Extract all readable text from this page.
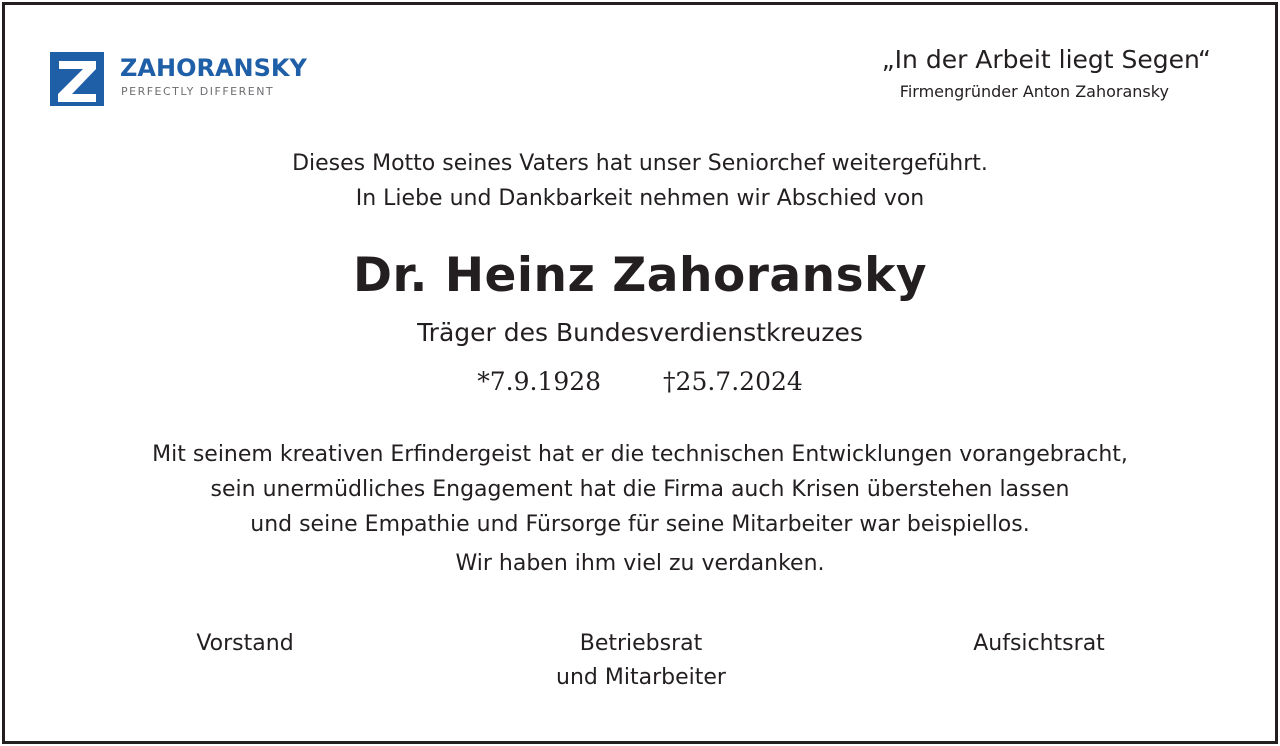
ZAHORANSKY
PERFECTLY DIFFERENT
„In der Arbeit liegt Segen“
Firmengründer Anton Zahoransky
Dieses Motto seines Vaters hat unser Seniorchef weitergeführt.
In Liebe und Dankbarkeit nehmen wir Abschied von
Dr. Heinz Zahoransky
Träger des Bundesverdienstkreuzes
*7.9.1928 †25.7.2024
Mit seinem kreativen Erfindergeist hat er die technischen Entwicklungen vorangebracht,
sein unermüdliches Engagement hat die Firma auch Krisen überstehen lassen
und seine Empathie und Fürsorge für seine Mitarbeiter war beispiellos.
Wir haben ihm viel zu verdanken.
Vorstand	Betriebsrat
und Mitarbeiter
Aufsichtsrat
